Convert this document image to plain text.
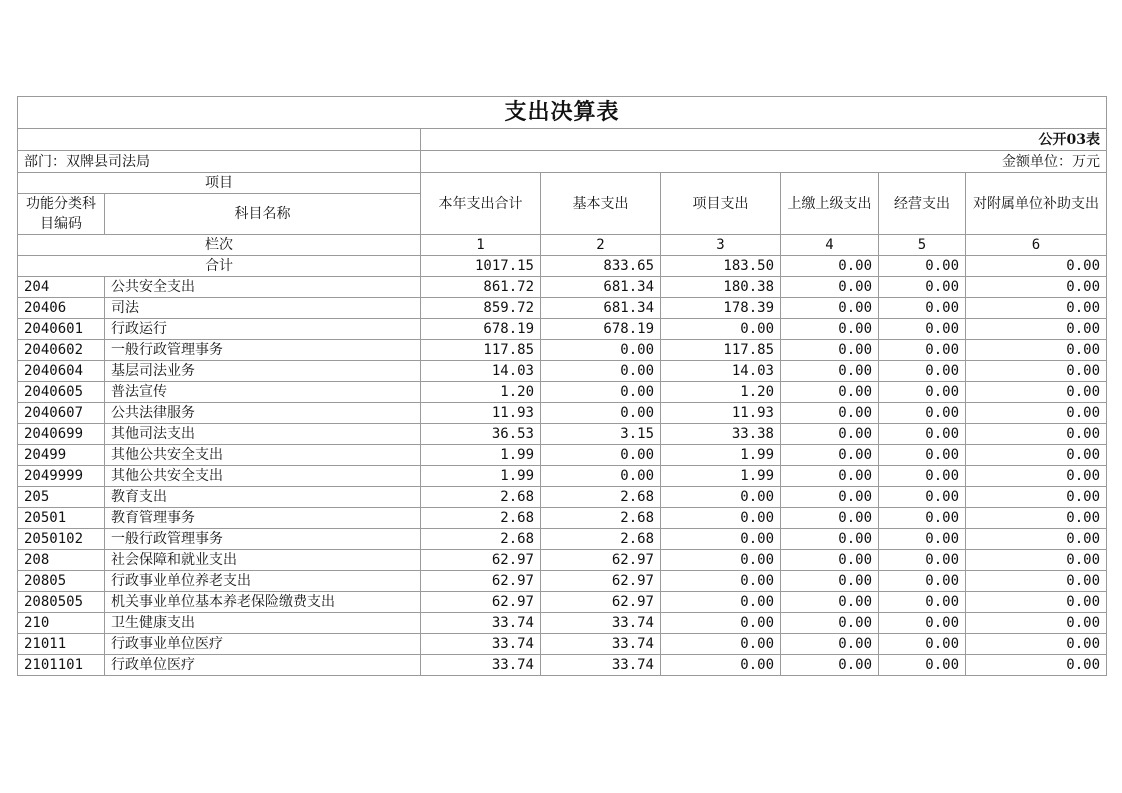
支出决算表							
		公开03表					
部门：双牌县司法局		金额单位：万元					
项目		本年支出合计	基本支出	项目支出	上缴上级支出	经营支出	对附属单位补助支出
功能分类科目编码	科目名称						
栏次		1	2	3	4	5	6
合计		1017.15	833.65	183.50	0.00	0.00	0.00
204	公共安全支出	861.72	681.34	180.38	0.00	0.00	0.00
20406	司法	859.72	681.34	178.39	0.00	0.00	0.00
2040601	行政运行	678.19	678.19	0.00	0.00	0.00	0.00
2040602	一般行政管理事务	117.85	0.00	117.85	0.00	0.00	0.00
2040604	基层司法业务	14.03	0.00	14.03	0.00	0.00	0.00
2040605	普法宣传	1.20	0.00	1.20	0.00	0.00	0.00
2040607	公共法律服务	11.93	0.00	11.93	0.00	0.00	0.00
2040699	其他司法支出	36.53	3.15	33.38	0.00	0.00	0.00
20499	其他公共安全支出	1.99	0.00	1.99	0.00	0.00	0.00
2049999	其他公共安全支出	1.99	0.00	1.99	0.00	0.00	0.00
205	教育支出	2.68	2.68	0.00	0.00	0.00	0.00
20501	教育管理事务	2.68	2.68	0.00	0.00	0.00	0.00
2050102	一般行政管理事务	2.68	2.68	0.00	0.00	0.00	0.00
208	社会保障和就业支出	62.97	62.97	0.00	0.00	0.00	0.00
20805	行政事业单位养老支出	62.97	62.97	0.00	0.00	0.00	0.00
2080505	机关事业单位基本养老保险缴费支出	62.97	62.97	0.00	0.00	0.00	0.00
210	卫生健康支出	33.74	33.74	0.00	0.00	0.00	0.00
21011	行政事业单位医疗	33.74	33.74	0.00	0.00	0.00	0.00
2101101	行政单位医疗	33.74	33.74	0.00	0.00	0.00	0.00
